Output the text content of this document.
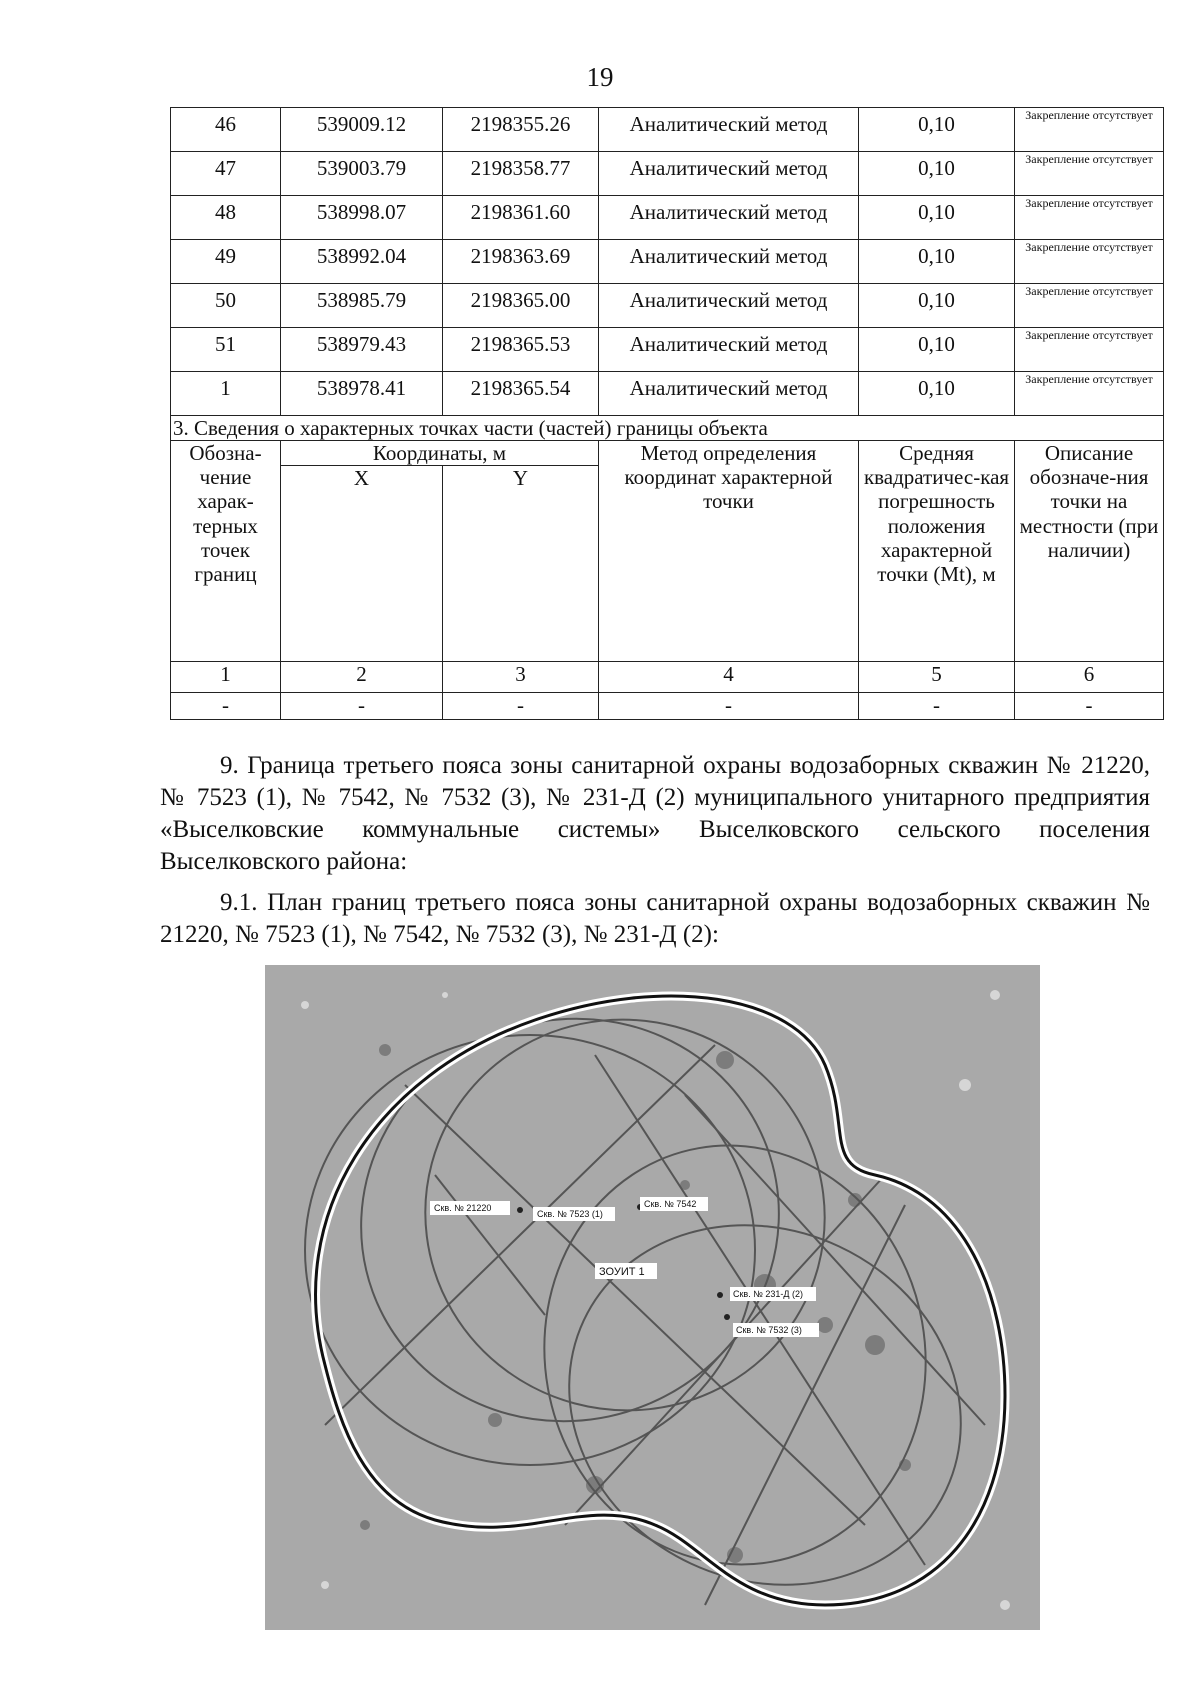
19
46	539009.12	2198355.26	Аналитический метод	0,10	Закрепление отсутствует

47	539003.79	2198358.77	Аналитический метод	0,10	Закрепление отсутствует

48	538998.07	2198361.60	Аналитический метод	0,10	Закрепление отсутствует

49	538992.04	2198363.69	Аналитический метод	0,10	Закрепление отсутствует

50	538985.79	2198365.00	Аналитический метод	0,10	Закрепление отсутствует

51	538979.43	2198365.53	Аналитический метод	0,10	Закрепление отсутствует

1	538978.41	2198365.54	Аналитический метод	0,10	Закрепление отсутствует

3. Сведения о характерных точках части (частей) границы объекта					
Обозна-чение харак-терных точек границ	Координаты, м		Метод определения координат характерной точки	Средняя квадратичес-кая погрешность положения характерной точки (Mt), м	Описание обозначе-ния точки на местности (при наличии)
	X	Y			
1	2	3	4	5	6
-	-	-	-	-	-
9. Граница третьего пояса зоны санитарной охраны водозаборных скважин № 21220, № 7523 (1), № 7542, № 7532 (3), № 231-Д (2) муниципального унитарного предприятия «Выселковские коммунальные системы» Выселковского сельского поселения Выселковского района:
9.1. План границ третьего пояса зоны санитарной охраны водозаборных скважин № 21220, № 7523 (1), № 7542, № 7532 (3), № 231-Д (2):
Скв. № 21220
Скв. № 7523 (1)
Скв. № 7542
ЗОУИТ 1
Скв. № 231-Д (2)
Скв. № 7532 (3)
